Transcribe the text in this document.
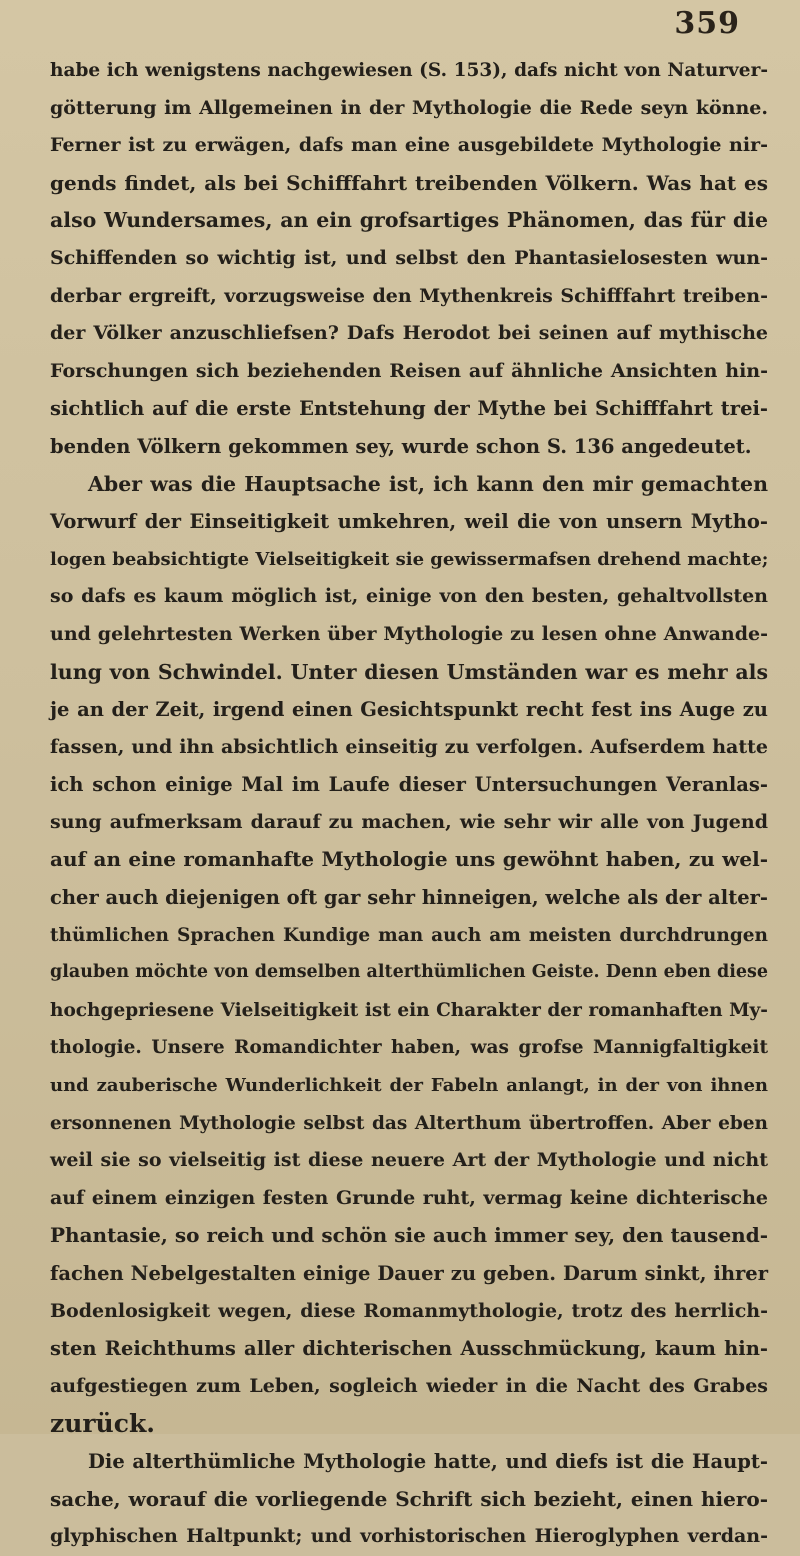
359
habe ich wenigstens nachgewiesen (S. 153), dafs nicht von Naturver-
götterung im Allgemeinen in der Mythologie die Rede seyn könne.
Ferner ist zu erwägen, dafs man eine ausgebildete Mythologie nir-
gends findet, als bei Schifffahrt treibenden Völkern. Was hat es
also Wundersames, an ein grofsartiges Phänomen, das für die
Schiffenden so wichtig ist, und selbst den Phantasielosesten wun-
derbar ergreift, vorzugsweise den Mythenkreis Schifffahrt treiben-
der Völker anzuschliefsen? Dafs Herodot bei seinen auf mythische
Forschungen sich beziehenden Reisen auf ähnliche Ansichten hin-
sichtlich auf die erste Entstehung der Mythe bei Schifffahrt trei-
benden Völkern gekommen sey, wurde schon S. 136 angedeutet.
Aber was die Hauptsache ist, ich kann den mir gemachten
Vorwurf der Einseitigkeit umkehren, weil die von unsern Mytho-
logen beabsichtigte Vielseitigkeit sie gewissermafsen drehend machte;
so dafs es kaum möglich ist, einige von den besten, gehaltvollsten
und gelehrtesten Werken über Mythologie zu lesen ohne Anwande-
lung von Schwindel. Unter diesen Umständen war es mehr als
je an der Zeit, irgend einen Gesichtspunkt recht fest ins Auge zu
fassen, und ihn absichtlich einseitig zu verfolgen. Aufserdem hatte
ich schon einige Mal im Laufe dieser Untersuchungen Veranlas-
sung aufmerksam darauf zu machen, wie sehr wir alle von Jugend
auf an eine romanhafte Mythologie uns gewöhnt haben, zu wel-
cher auch diejenigen oft gar sehr hinneigen, welche als der alter-
thümlichen Sprachen Kundige man auch am meisten durchdrungen
glauben möchte von demselben alterthümlichen Geiste. Denn eben diese
hochgepriesene Vielseitigkeit ist ein Charakter der romanhaften My-
thologie. Unsere Romandichter haben, was grofse Mannigfaltigkeit
und zauberische Wunderlichkeit der Fabeln anlangt, in der von ihnen
ersonnenen Mythologie selbst das Alterthum übertroffen. Aber eben
weil sie so vielseitig ist diese neuere Art der Mythologie und nicht
auf einem einzigen festen Grunde ruht, vermag keine dichterische
Phantasie, so reich und schön sie auch immer sey, den tausend-
fachen Nebelgestalten einige Dauer zu geben. Darum sinkt, ihrer
Bodenlosigkeit wegen, diese Romanmythologie, trotz des herrlich-
sten Reichthums aller dichterischen Ausschmückung, kaum hin-
aufgestiegen zum Leben, sogleich wieder in die Nacht des Grabes
zurück.
Die alterthümliche Mythologie hatte, und diefs ist die Haupt-
sache, worauf die vorliegende Schrift sich bezieht, einen hiero-
glyphischen Haltpunkt; und vorhistorischen Hieroglyphen verdan-
